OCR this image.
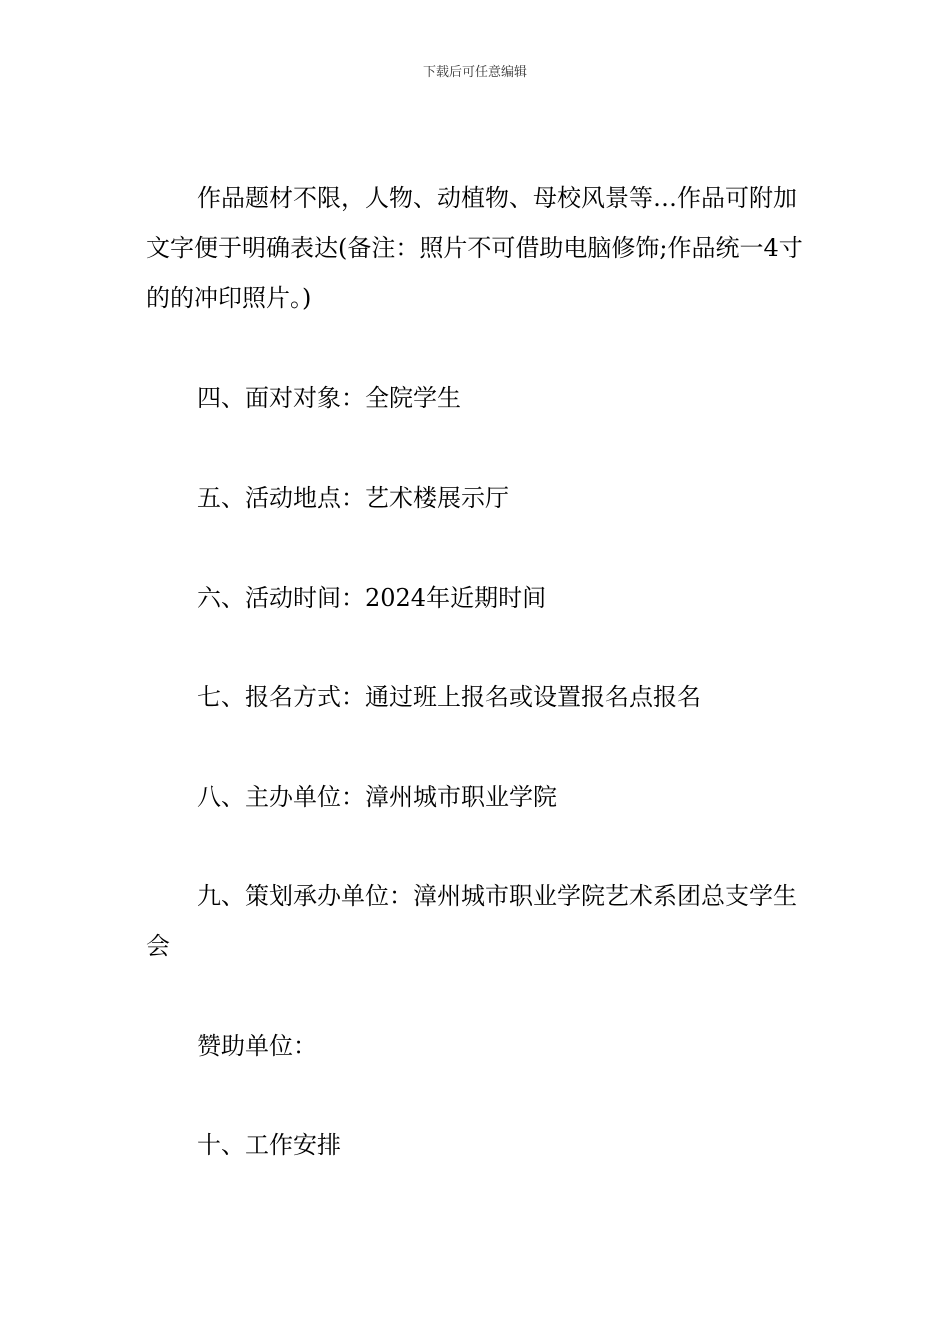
下载后可任意编辑

作品题材不限，人物、动植物、母校风景等…作品可附加文字便于明确表达(备注：照片不可借助电脑修饰;作品统一4寸的的冲印照片。)

四、面对对象：全院学生

五、活动地点：艺术楼展示厅

六、活动时间：2024年近期时间

七、报名方式：通过班上报名或设置报名点报名

八、主办单位：漳州城市职业学院

九、策划承办单位：漳州城市职业学院艺术系团总支学生会

赞助单位：

十、工作安排
